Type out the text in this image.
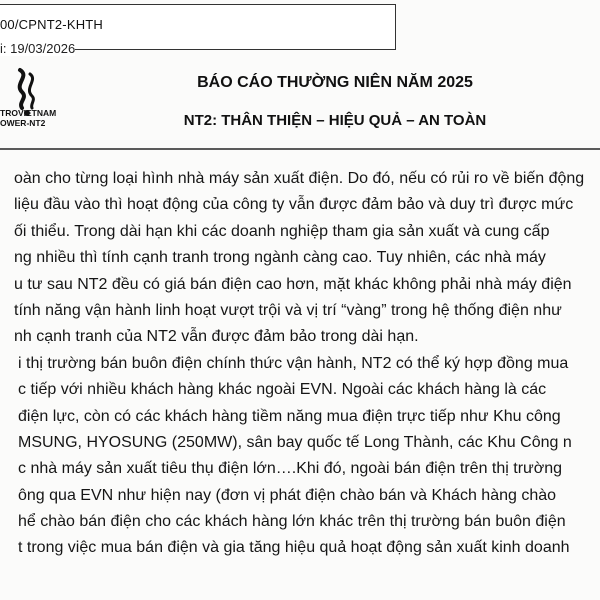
00/CPNT2-KHTH
i: 19/03/2026
TROVIETNAM
OWER-NT2
BÁO CÁO THƯỜNG NIÊN NĂM 2025
NT2: THÂN THIỆN – HIỆU QUẢ – AN TOÀN
oàn cho từng loại hình nhà máy sản xuất điện. Do đó, nếu có rủi ro về biến động
liệu đầu vào thì hoạt động của công ty vẫn được đảm bảo và duy trì được mức
ối thiểu. Trong dài hạn khi các doanh nghiệp tham gia sản xuất và cung cấp
ng nhiều thì tính cạnh tranh trong ngành càng cao. Tuy nhiên, các nhà máy
u tư sau NT2 đều có giá bán điện cao hơn, mặt khác không phải nhà máy điện
tính năng vận hành linh hoạt vượt trội và vị trí “vàng” trong hệ thống điện như
nh cạnh tranh của NT2 vẫn được đảm bảo trong dài hạn.
i thị trường bán buôn điện chính thức vận hành, NT2 có thể ký hợp đồng mua
c tiếp với nhiều khách hàng khác ngoài EVN. Ngoài các khách hàng là các
điện lực, còn có các khách hàng tiềm năng mua điện trực tiếp như Khu công
MSUNG, HYOSUNG (250MW), sân bay quốc tế Long Thành, các Khu Công n
c nhà máy sản xuất tiêu thụ điện lớn….Khi đó, ngoài bán điện trên thị trường
ông qua EVN như hiện nay (đơn vị phát điện chào bán và Khách hàng chào
hể chào bán điện cho các khách hàng lớn khác trên thị trường bán buôn điện
t trong việc mua bán điện và gia tăng hiệu quả hoạt động sản xuất kinh doanh
